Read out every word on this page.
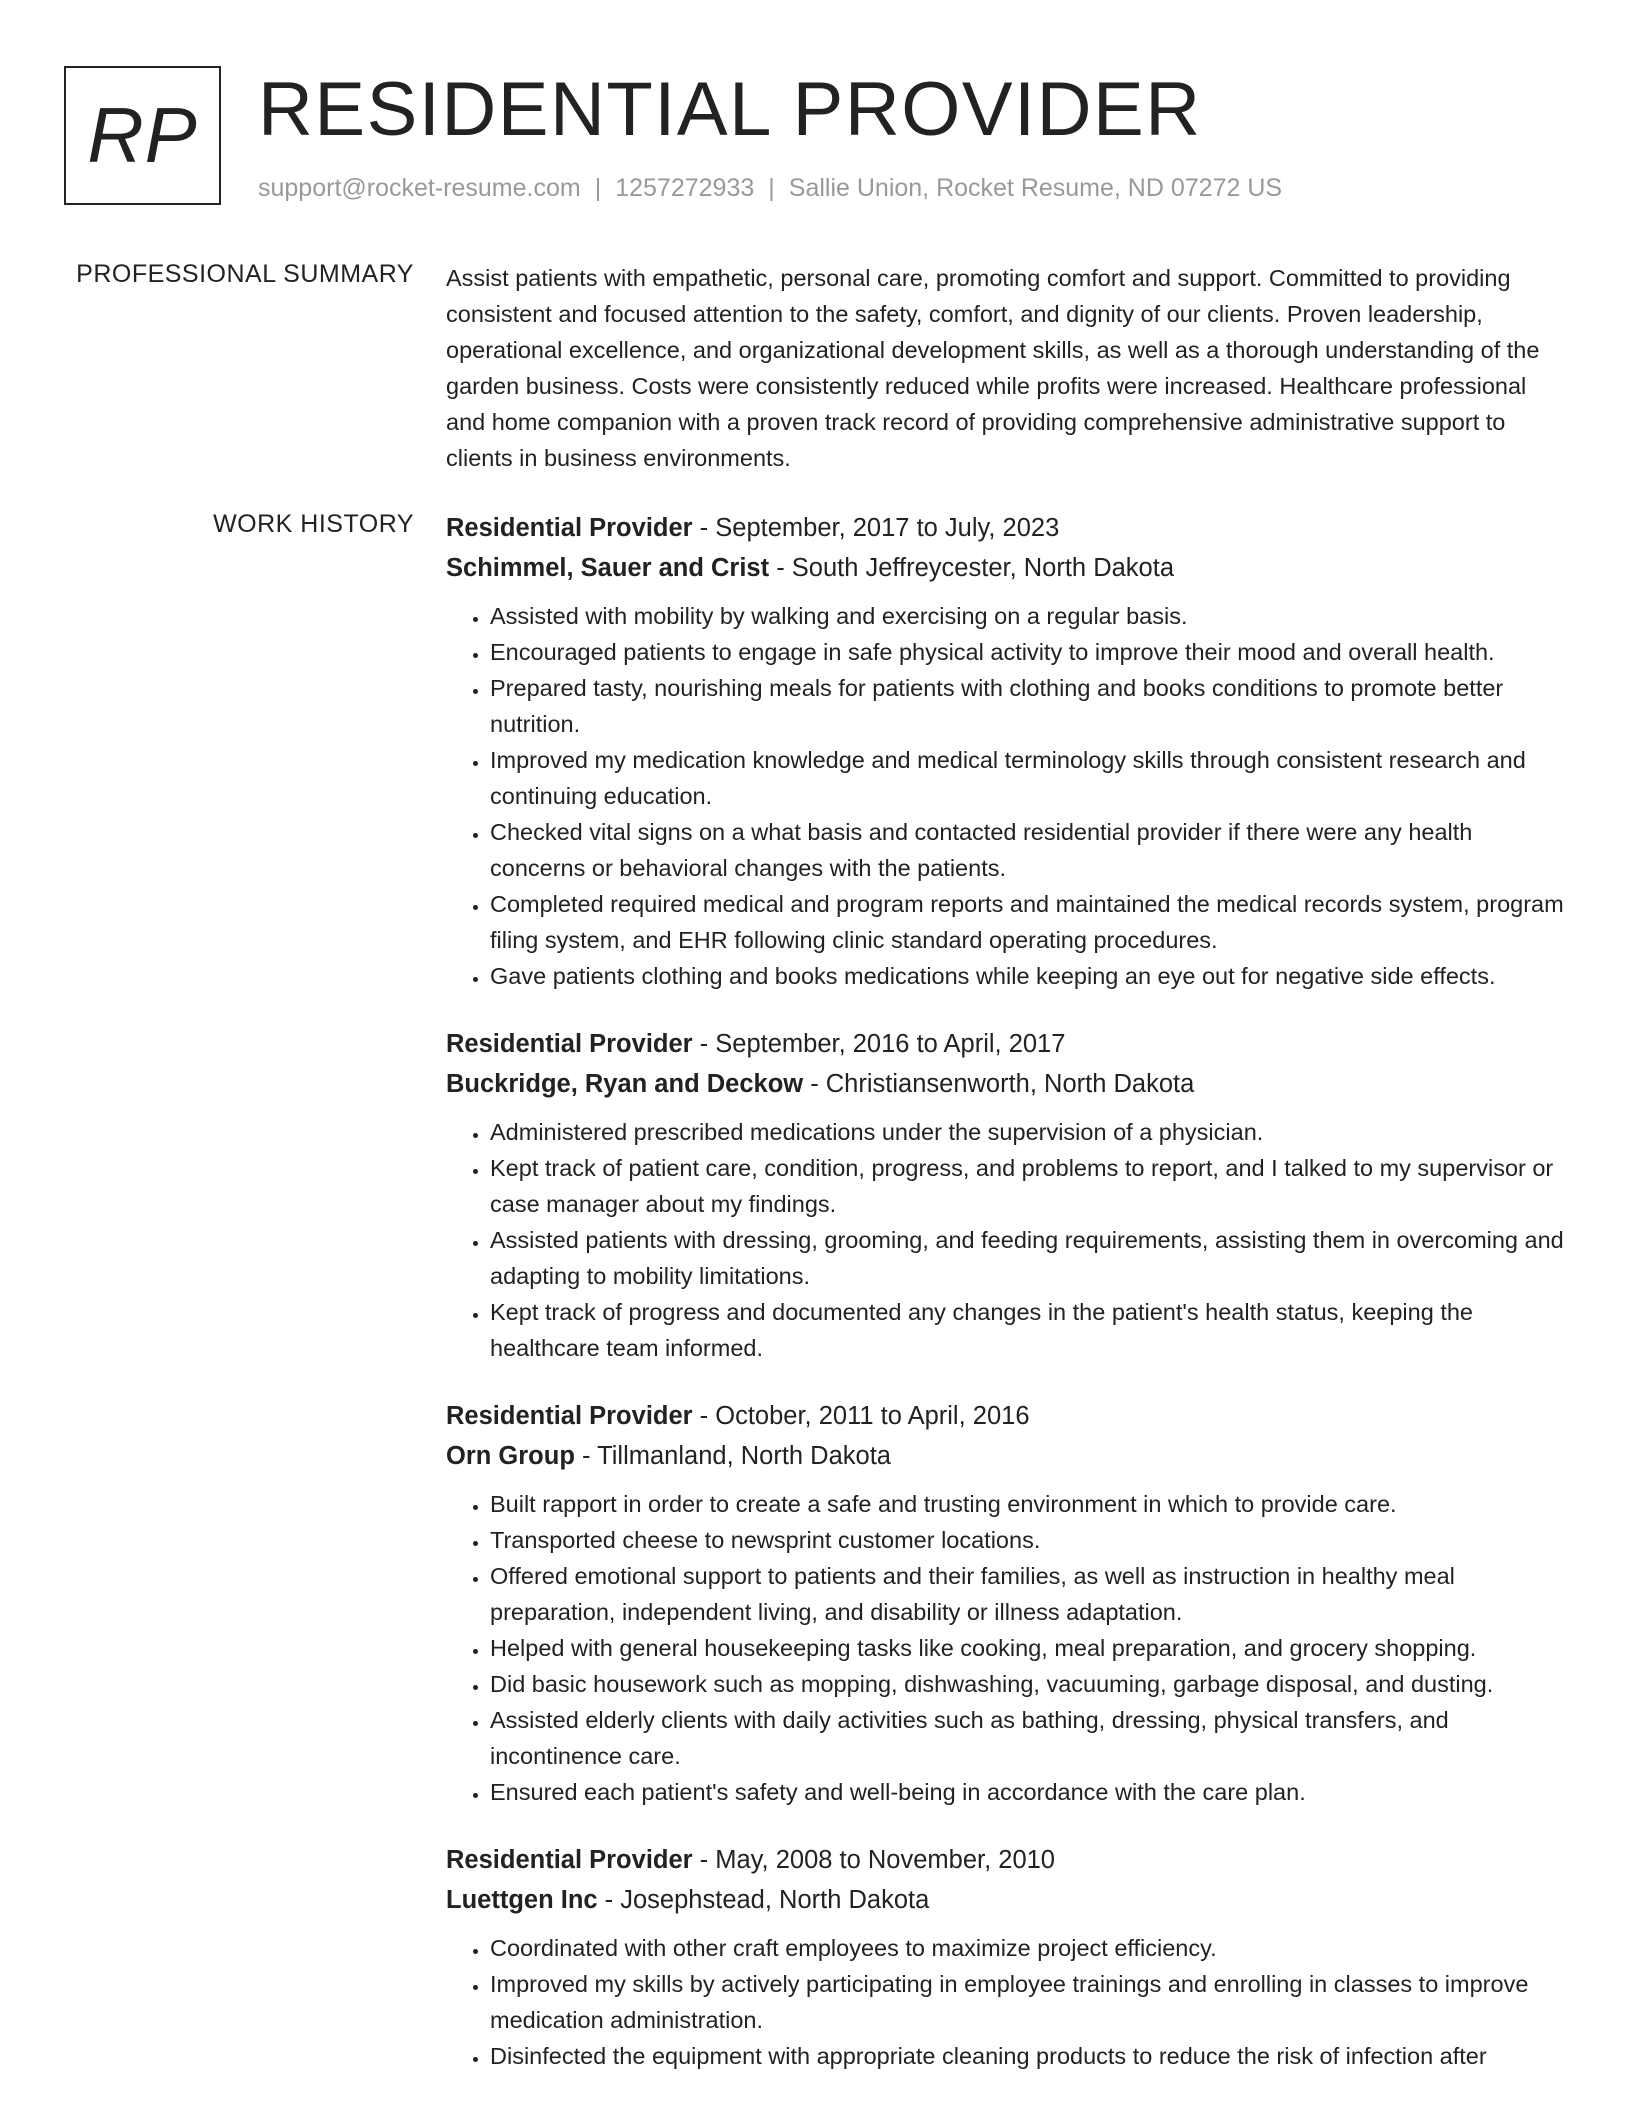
RP RESIDENTIAL PROVIDER
support@rocket-resume.com | 1257272933 | Sallie Union, Rocket Resume, ND 07272 US
PROFESSIONAL SUMMARY Assist patients with empathetic, personal care, promoting comfort and support. Committed to providing consistent and focused attention to the safety, comfort, and dignity of our clients. Proven leadership, operational excellence, and organizational development skills, as well as a thorough understanding of the garden business. Costs were consistently reduced while profits were increased. Healthcare professional and home companion with a proven track record of providing comprehensive administrative support to clients in business environments.

WORK HISTORY Residential Provider - September, 2017 to July, 2023
Schimmel, Sauer and Crist - South Jeffreycester, North Dakota
• Assisted with mobility by walking and exercising on a regular basis.
• Encouraged patients to engage in safe physical activity to improve their mood and overall health.
• Prepared tasty, nourishing meals for patients with clothing and books conditions to promote better nutrition.
• Improved my medication knowledge and medical terminology skills through consistent research and continuing education.
• Checked vital signs on a what basis and contacted residential provider if there were any health concerns or behavioral changes with the patients.
• Completed required medical and program reports and maintained the medical records system, program filing system, and EHR following clinic standard operating procedures.
• Gave patients clothing and books medications while keeping an eye out for negative side effects.
Residential Provider - September, 2016 to April, 2017
Buckridge, Ryan and Deckow - Christiansenworth, North Dakota
• Administered prescribed medications under the supervision of a physician.
• Kept track of patient care, condition, progress, and problems to report, and I talked to my supervisor or case manager about my findings.
• Assisted patients with dressing, grooming, and feeding requirements, assisting them in overcoming and adapting to mobility limitations.
• Kept track of progress and documented any changes in the patient's health status, keeping the healthcare team informed.
Residential Provider - October, 2011 to April, 2016
Orn Group - Tillmanland, North Dakota
• Built rapport in order to create a safe and trusting environment in which to provide care.
• Transported cheese to newsprint customer locations.
• Offered emotional support to patients and their families, as well as instruction in healthy meal preparation, independent living, and disability or illness adaptation.
• Helped with general housekeeping tasks like cooking, meal preparation, and grocery shopping.
• Did basic housework such as mopping, dishwashing, vacuuming, garbage disposal, and dusting.
• Assisted elderly clients with daily activities such as bathing, dressing, physical transfers, and incontinence care.
• Ensured each patient's safety and well-being in accordance with the care plan.
Residential Provider - May, 2008 to November, 2010
Luettgen Inc - Josephstead, North Dakota
• Coordinated with other craft employees to maximize project efficiency.
• Improved my skills by actively participating in employee trainings and enrolling in classes to improve medication administration.
• Disinfected the equipment with appropriate cleaning products to reduce the risk of infection after
